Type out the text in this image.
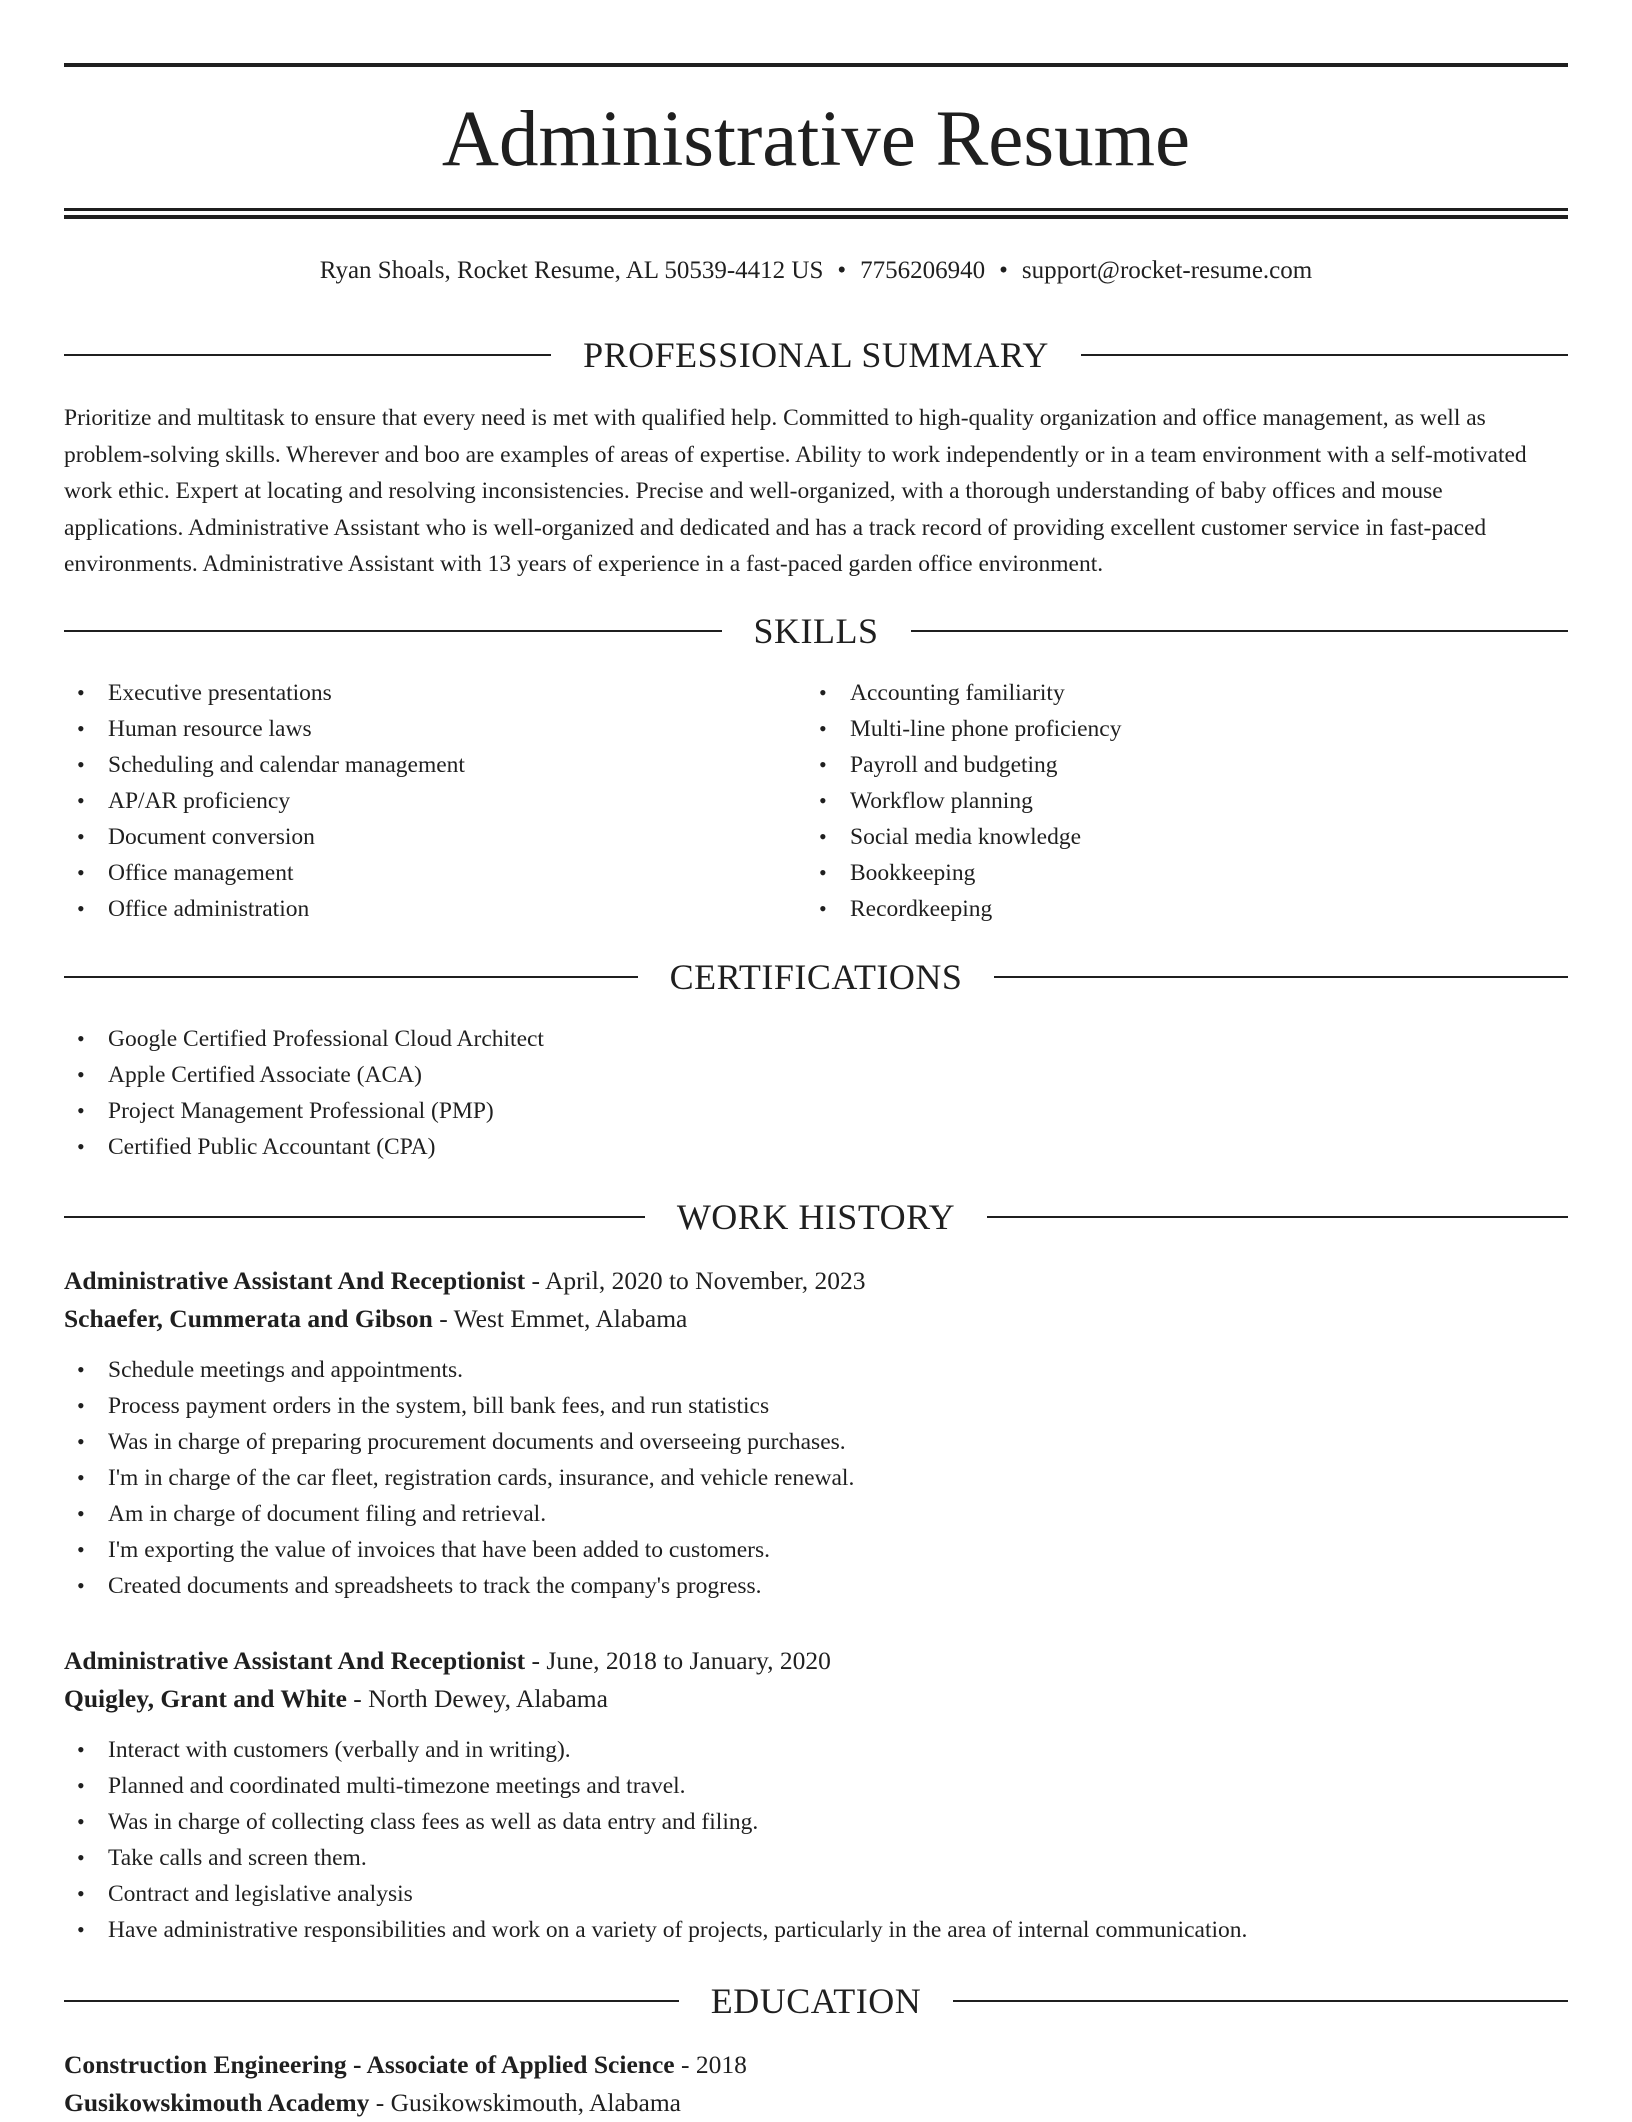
Administrative Resume
Ryan Shoals, Rocket Resume, AL 50539-4412 US • 7756206940 • support@rocket-resume.com
PROFESSIONAL SUMMARY

Prioritize and multitask to ensure that every need is met with qualified help. Committed to high-quality organization and office management, as well as problem-solving skills. Wherever and boo are examples of areas of expertise. Ability to work independently or in a team environment with a self-motivated work ethic. Expert at locating and resolving inconsistencies. Precise and well-organized, with a thorough understanding of baby offices and mouse applications. Administrative Assistant who is well-organized and dedicated and has a track record of providing excellent customer service in fast-paced environments. Administrative Assistant with 13 years of experience in a fast-paced garden office environment.

SKILLS
• Executive presentations
• Human resource laws
• Scheduling and calendar management
• AP/AR proficiency
• Document conversion
• Office management
• Office administration
• Accounting familiarity
• Multi-line phone proficiency
• Payroll and budgeting
• Workflow planning
• Social media knowledge
• Bookkeeping
• Recordkeeping
CERTIFICATIONS
• Google Certified Professional Cloud Architect
• Apple Certified Associate (ACA)
• Project Management Professional (PMP)
• Certified Public Accountant (CPA)
WORK HISTORY
Administrative Assistant And Receptionist - April, 2020 to November, 2023
Schaefer, Cummerata and Gibson - West Emmet, Alabama
• Schedule meetings and appointments.
• Process payment orders in the system, bill bank fees, and run statistics
• Was in charge of preparing procurement documents and overseeing purchases.
• I'm in charge of the car fleet, registration cards, insurance, and vehicle renewal.
• Am in charge of document filing and retrieval.
• I'm exporting the value of invoices that have been added to customers.
• Created documents and spreadsheets to track the company's progress.
Administrative Assistant And Receptionist - June, 2018 to January, 2020
Quigley, Grant and White - North Dewey, Alabama
• Interact with customers (verbally and in writing).
• Planned and coordinated multi-timezone meetings and travel.
• Was in charge of collecting class fees as well as data entry and filing.
• Take calls and screen them.
• Contract and legislative analysis
• Have administrative responsibilities and work on a variety of projects, particularly in the area of internal communication.
EDUCATION
Construction Engineering - Associate of Applied Science - 2018
Gusikowskimouth Academy - Gusikowskimouth, Alabama
